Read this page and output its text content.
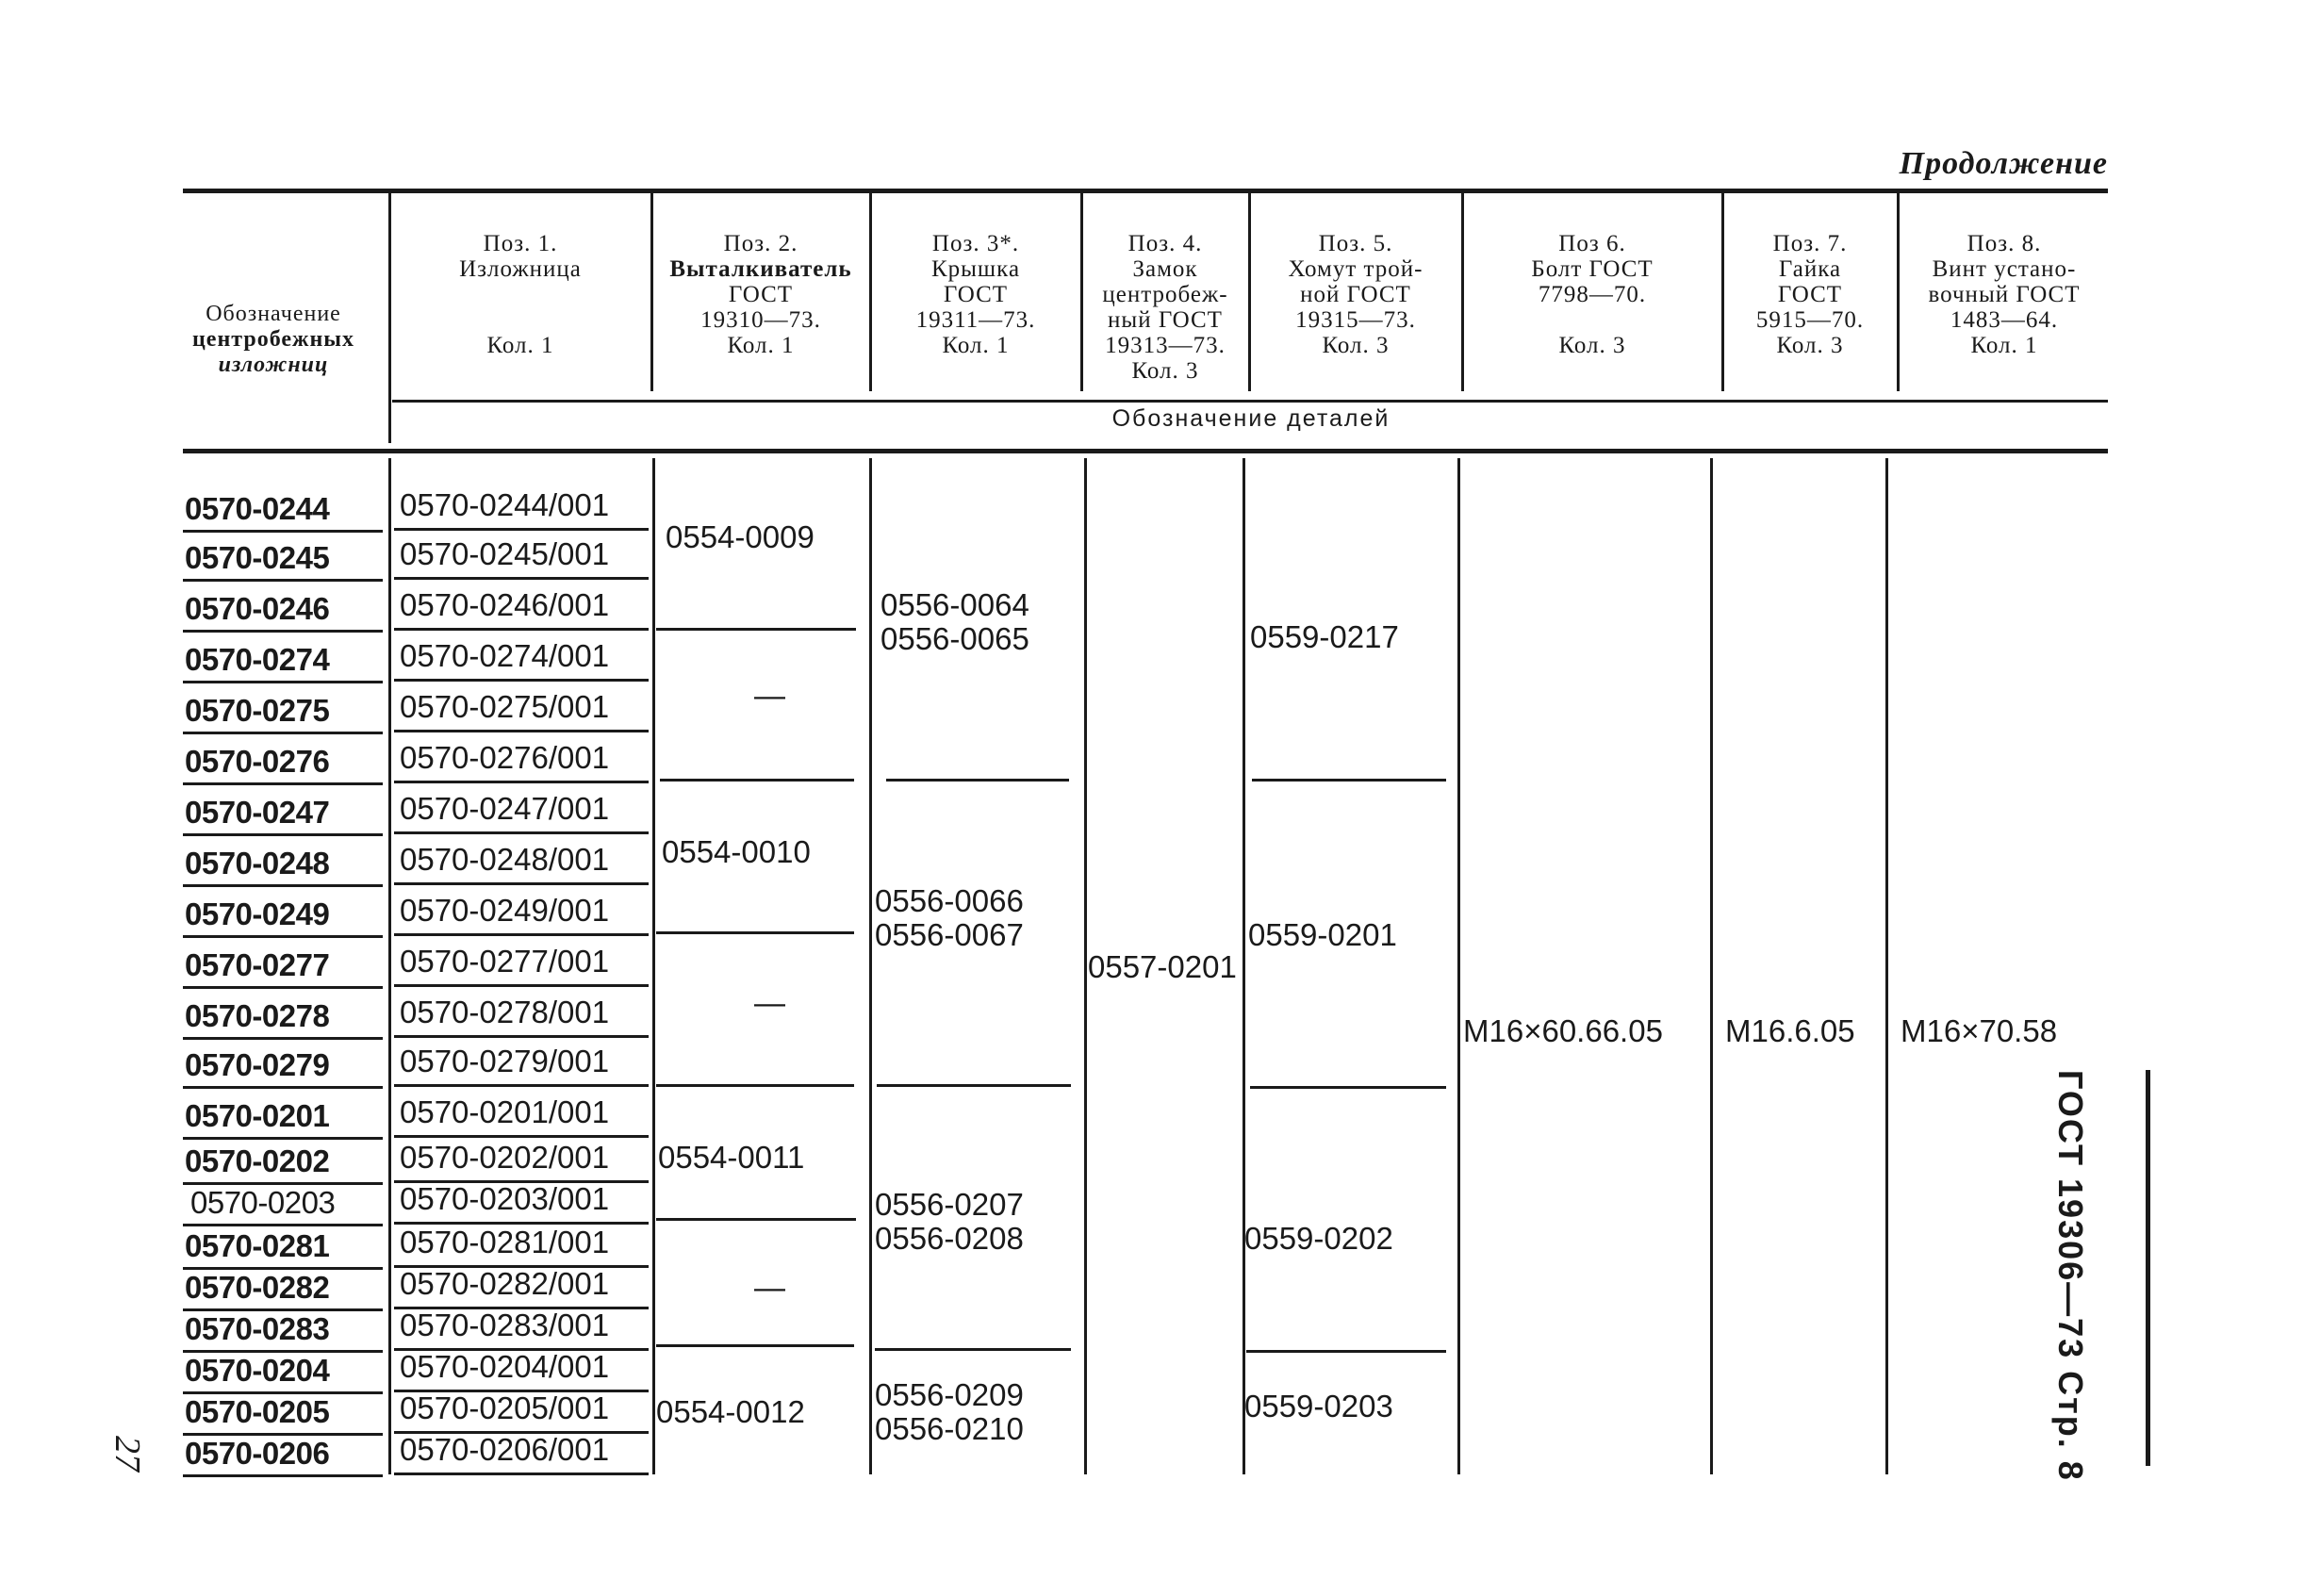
Продолжение
Обозначение
центробежных
изложниц
Поз. 1.
Изложница

Кол. 1
Поз. 2.
Выталкиватель
ГОСТ
19310—73.
Кол. 1
Поз. 3*.
Крышка
ГОСТ
19311—73.
Кол. 1
Поз. 4.
Замок
центробеж-
ный ГОСТ
19313—73.
Кол. 3
Поз. 5.
Хомут трой-
ной ГОСТ
19315—73.
Кол. 3
Поз 6.
Болт ГОСТ
7798—70.

Кол. 3
Поз. 7.
Гайка
ГОСТ
5915—70.
Кол. 3
Поз. 8.
Винт устано-
вочный ГОСТ
1483—64.
Кол. 1
Обозначение деталей
0570-0244 0570-0244/001
0570-0245 0570-0245/001
0570-0246 0570-0246/001
0570-0274 0570-0274/001
0570-0275 0570-0275/001
0570-0276 0570-0276/001
0570-0247 0570-0247/001
0570-0248 0570-0248/001
0570-0249 0570-0249/001
0570-0277 0570-0277/001
0570-0278 0570-0278/001
0570-0279 0570-0279/001
0570-0201 0570-0201/001
0570-0202 0570-0202/001
0570-0203 0570-0203/001
0570-0281 0570-0281/001
0570-0282 0570-0282/001
0570-0283 0570-0283/001
0570-0204 0570-0204/001
0570-0205 0570-0205/001
0570-0206 0570-0206/001
0554-0009
—
0554-0010
—
0554-0011
—
0554-0012
0556-0064
0556-0065
0556-0066
0556-0067
0556-0207
0556-0208
0556-0209
0556-0210
0557-0201
0559-0217
0559-0201
0559-0202
0559-0203
M16×60.66.05 M16.6.05 M16×70.58
ГОСТ 19306—73 Стр. 8
27
